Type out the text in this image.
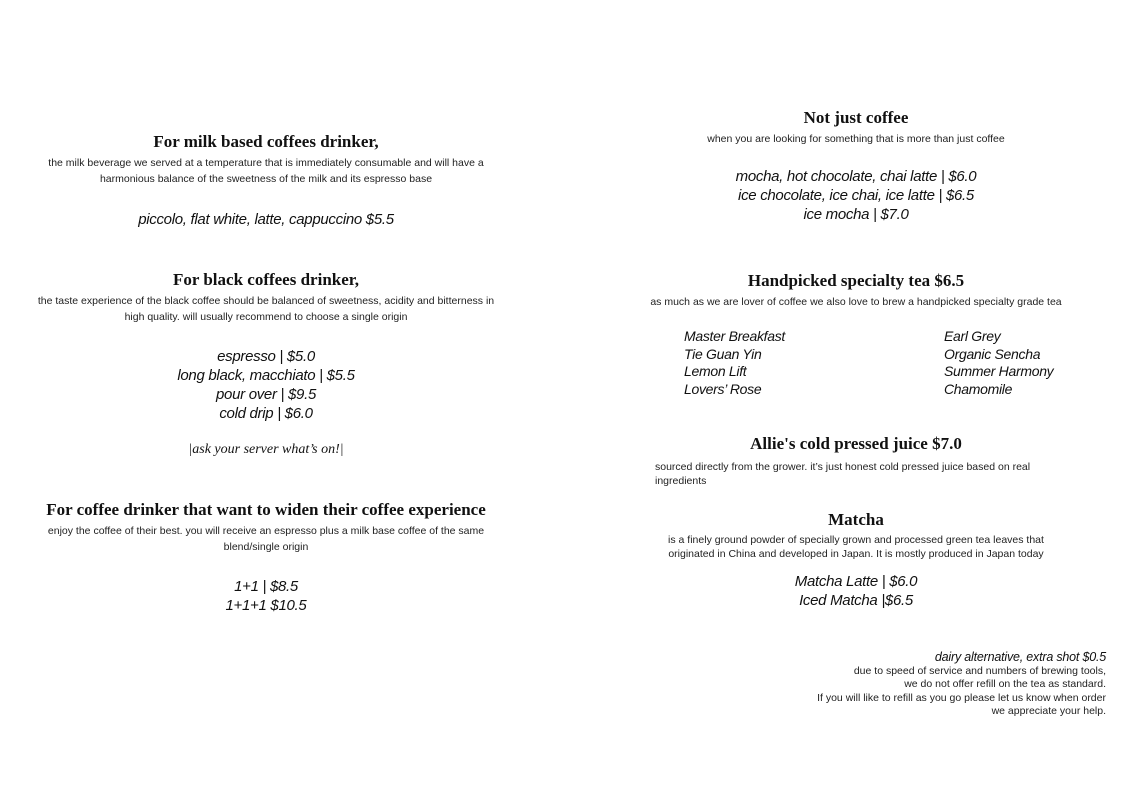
For milk based coffees drinker,

the milk beverage we served at a temperature that is immediately consumable and will have a
harmonious balance of the sweetness of the milk and its espresso base

piccolo, flat white, latte, cappuccino $5.5
For black coffees drinker,

the taste experience of the black coffee should be balanced of sweetness, acidity and bitterness in
high quality. will usually recommend to choose a single origin

espresso | $5.0
long black, macchiato | $5.5
pour over | $9.5
cold drip | $6.0
|ask your server what’s on!|
For coffee drinker that want to widen their coffee experience

enjoy the coffee of their best. you will receive an espresso plus a milk base coffee of the same
blend/single origin

1+1 | $8.5
1+1+1 $10.5
Not just coffee

when you are looking for something that is more than just coffee

mocha, hot chocolate, chai latte | $6.0
ice chocolate, ice chai, ice latte | $6.5
ice mocha | $7.0
Handpicked specialty tea $6.5

as much as we are lover of coffee we also love to brew a handpicked specialty grade tea

Master Breakfast
Tie Guan Yin
Lemon Lift
Lovers’ Rose
Earl Grey
Organic Sencha
Summer Harmony
Chamomile
Allie's cold pressed juice $7.0

sourced directly from the grower. it’s just honest cold pressed juice based on real
ingredients

Matcha

is a finely ground powder of specially grown and processed green tea leaves that
originated in China and developed in Japan. It is mostly produced in Japan today

Matcha Latte | $6.0
Iced Matcha |$6.5
dairy alternative, extra shot $0.5
due to speed of service and numbers of brewing tools,
we do not offer refill on the tea as standard.
If you will like to refill as you go please let us know when order
we appreciate your help.
